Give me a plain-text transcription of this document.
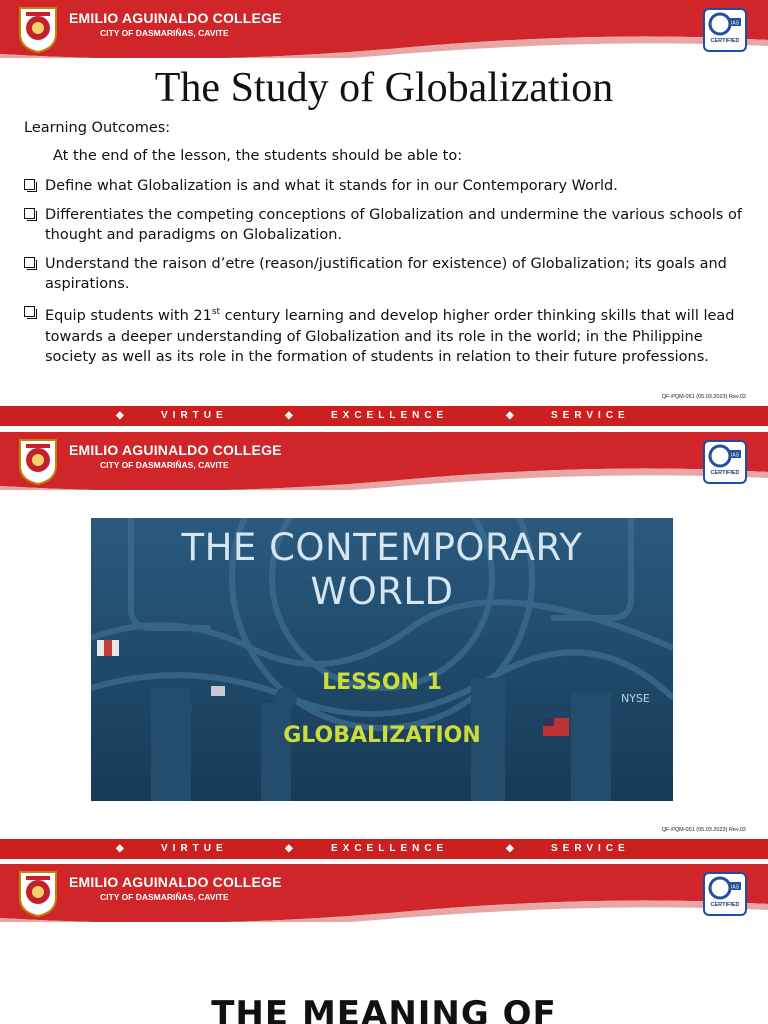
EMILIO AGUINALDO COLLEGE
CITY OF DASMARIÑAS, CAVITE
IAS
CERTIFIED
The Study of Globalization
Learning Outcomes:
At the end of the lesson, the students should be able to:
Define what Globalization is and what it stands for in our Contemporary World.
Differentiates the competing conceptions of Globalization and undermine the various schools of thought and paradigms on Globalization.
Understand the raison d’etre (reason/justification for existence) of Globalization; its goals and aspirations.
Equip students with 21st century learning and develop higher order thinking skills that will lead towards a deeper understanding of Globalization and its role in the world; in the Philippine society as well as its role in the formation of students in relation to their future professions.
QF-PQM-051 (05.03.2023) Rev.02
◆	VIRTUE	◆	EXCELLENCE	◆	SERVICE
EMILIO AGUINALDO COLLEGE
CITY OF DASMARIÑAS, CAVITE
IAS
CERTIFIED
NYSE
THE CONTEMPORARY
WORLD
LESSON 1
GLOBALIZATION
QF-PQM-051 (05.03.2023) Rev.02
◆	VIRTUE	◆	EXCELLENCE	◆	SERVICE
EMILIO AGUINALDO COLLEGE
CITY OF DASMARIÑAS, CAVITE
IAS
CERTIFIED
THE MEANING OF
